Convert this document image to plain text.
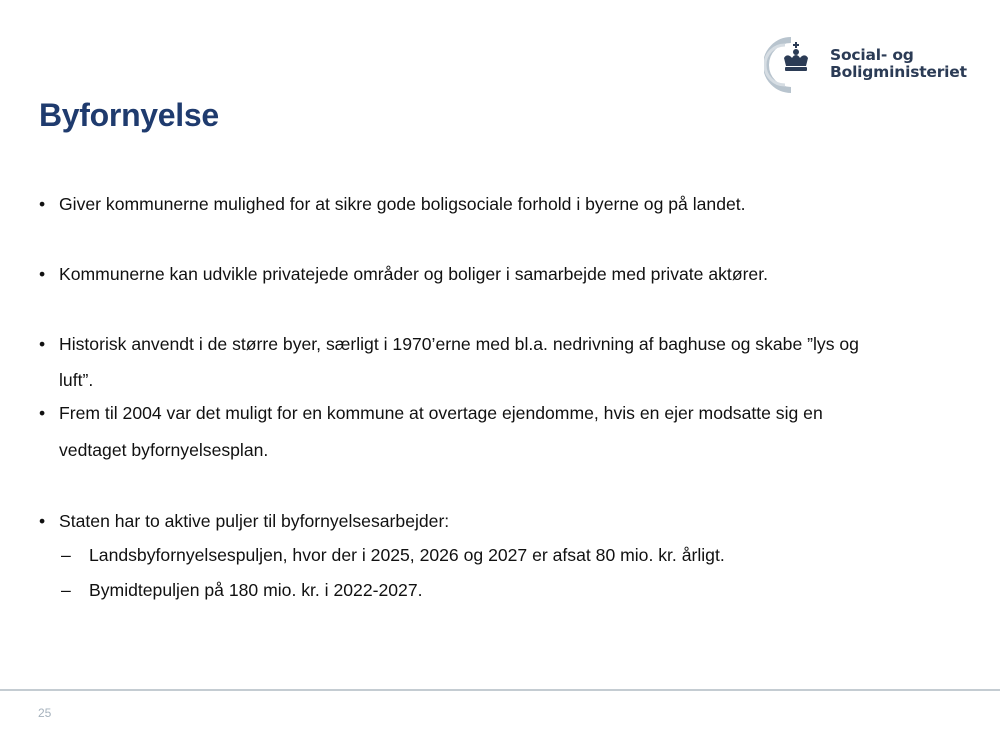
Social- og
Boligministeriet
Byfornyelse
• Giver kommunerne mulighed for at sikre gode boligsociale forhold i byerne og på landet.
• Kommunerne kan udvikle privatejede områder og boliger i samarbejde med private aktører.
• Historisk anvendt i de større byer, særligt i 1970’erne med bl.a. nedrivning af baghuse og skabe ”lys og
luft”.
• Frem til 2004 var det muligt for en kommune at overtage ejendomme, hvis en ejer modsatte sig en
vedtaget byfornyelsesplan.
• Staten har to aktive puljer til byfornyelsesarbejder:
– Landsbyfornyelsespuljen, hvor der i 2025, 2026 og 2027 er afsat 80 mio. kr. årligt.
– Bymidtepuljen på 180 mio. kr. i 2022-2027.
25
